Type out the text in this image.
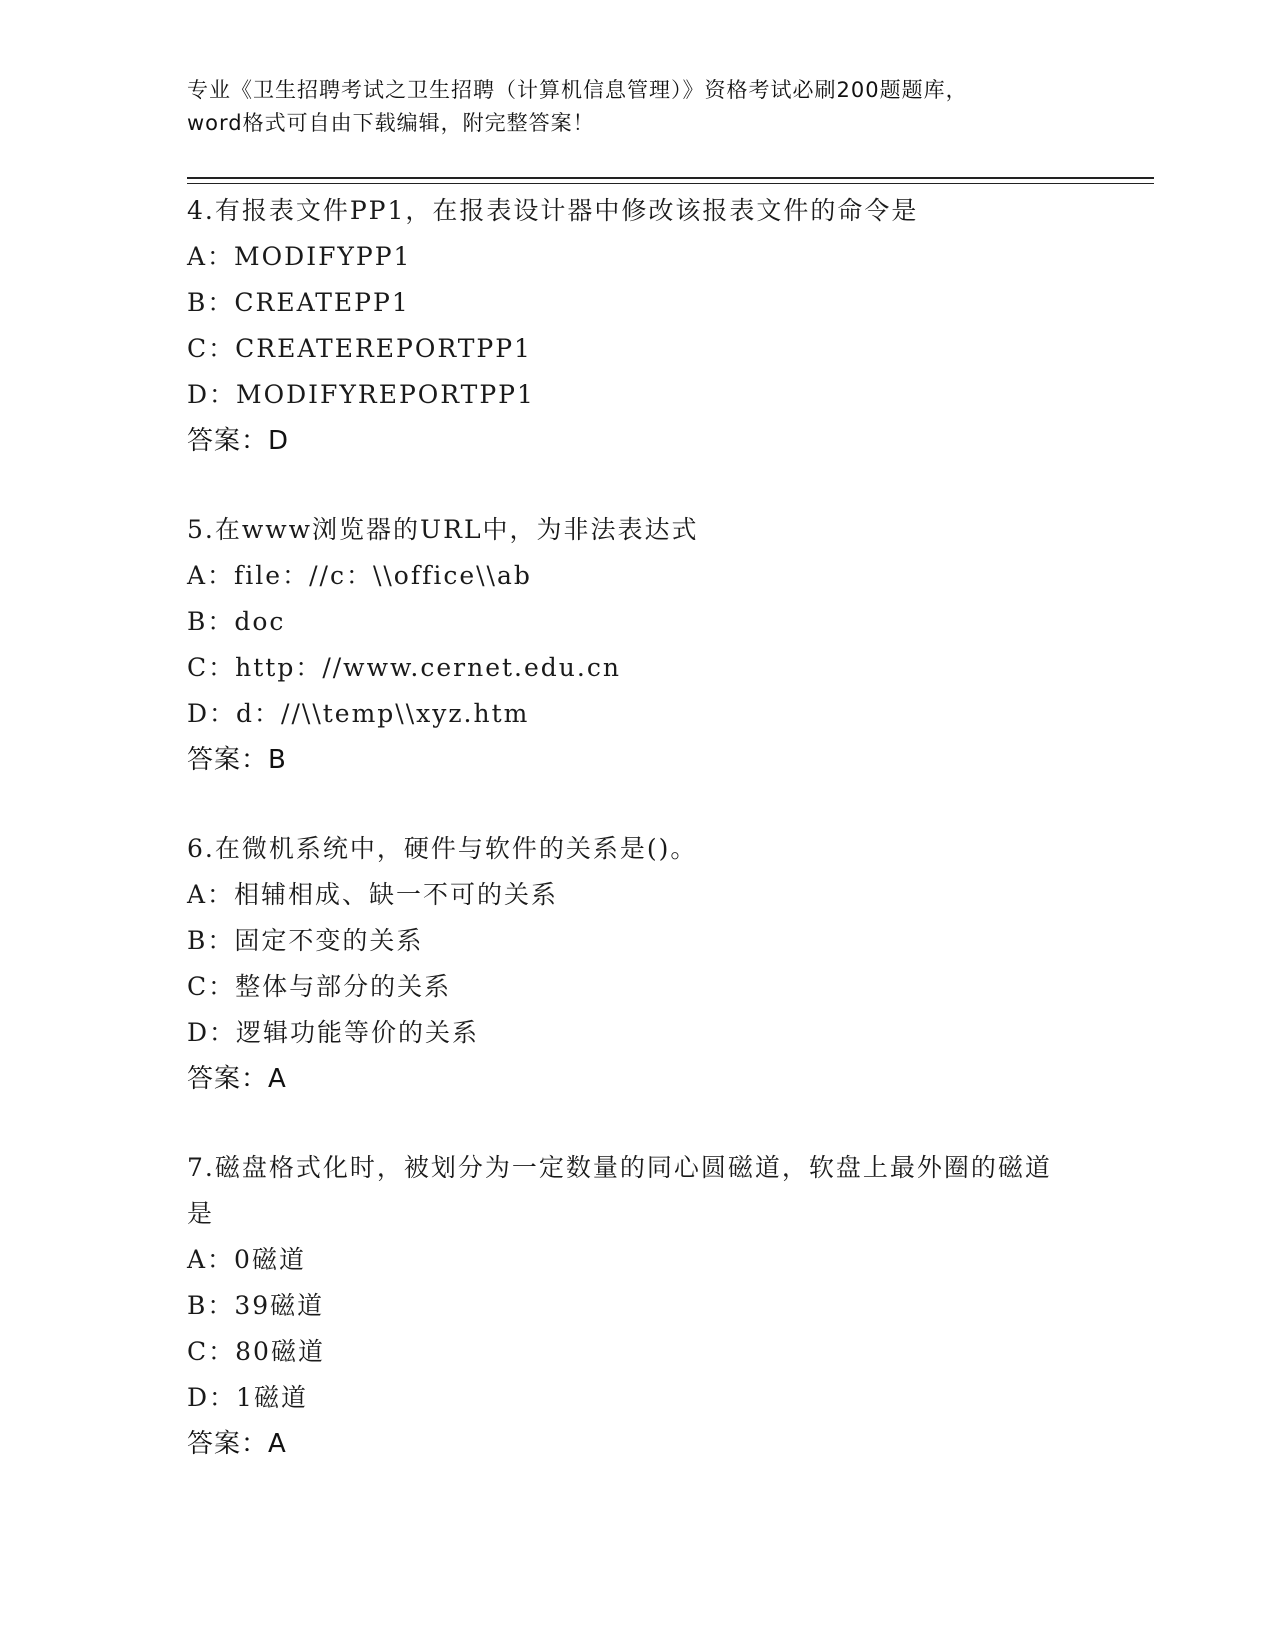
专业《卫生招聘考试之卫生招聘（计算机信息管理）》资格考试必刷200题题库，
word格式可自由下载编辑，附完整答案！
4.有报表文件PP1，在报表设计器中修改该报表文件的命令是
A：MODIFYPP1
B：CREATEPP1
C：CREATEREPORTPP1
D：MODIFYREPORTPP1
答案：D
5.在www浏览器的URL中，为非法表达式
A：file：//c：\\office\\ab
B：doc
C：http：//www.cernet.edu.cn
D：d：//\\temp\\xyz.htm
答案：B
6.在微机系统中，硬件与软件的关系是()。
A：相辅相成、缺一不可的关系
B：固定不变的关系
C：整体与部分的关系
D：逻辑功能等价的关系
答案：A
7.磁盘格式化时，被划分为一定数量的同心圆磁道，软盘上最外圈的磁道是
A：0磁道
B：39磁道
C：80磁道
D：1磁道
答案：A
